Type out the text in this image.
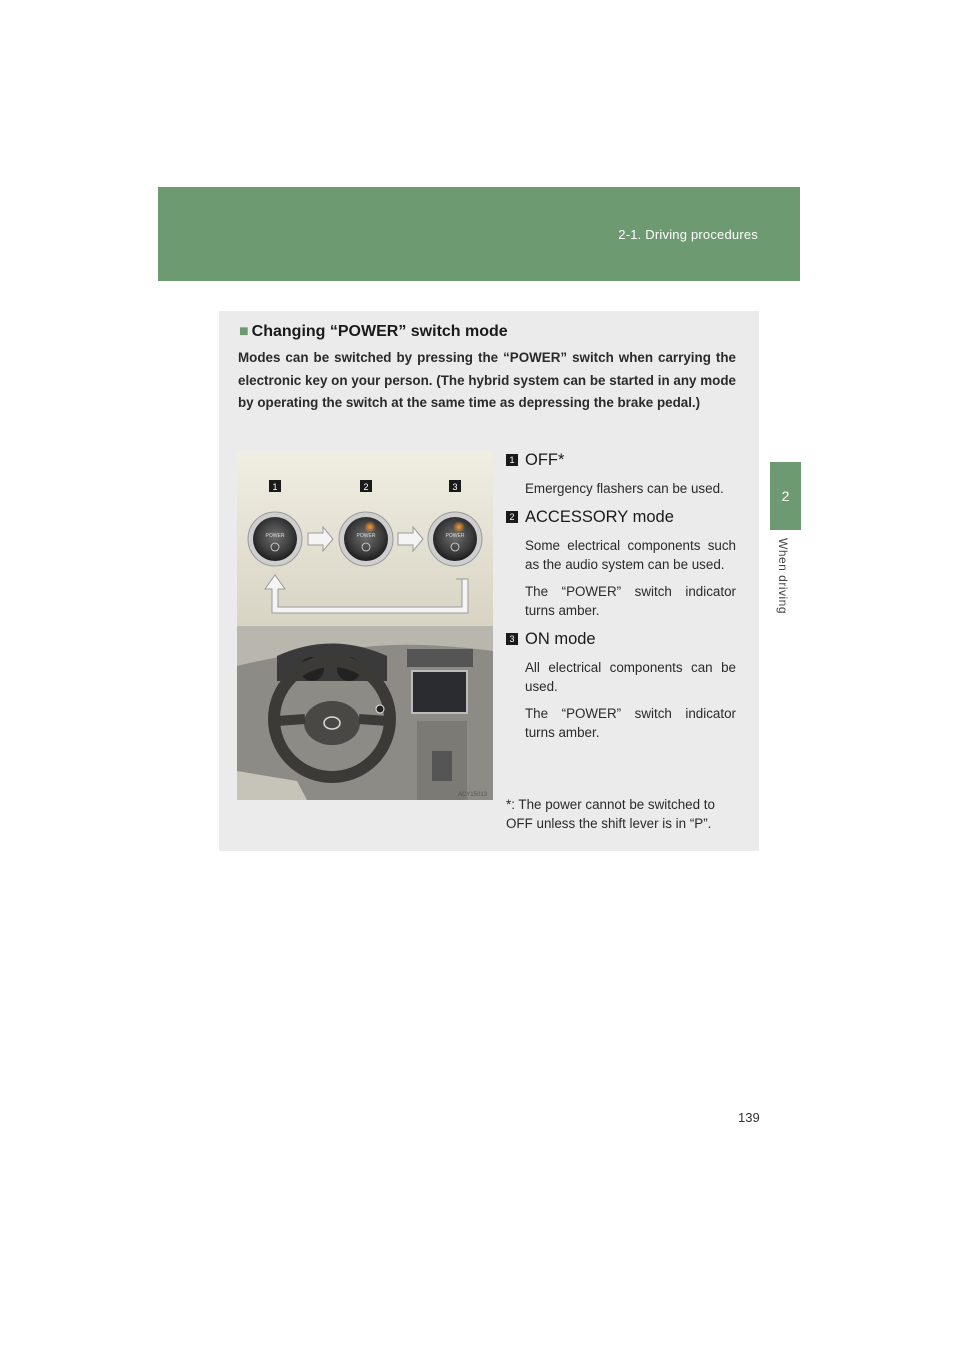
2-1. Driving procedures
2
When driving
■ Changing “POWER” switch mode
Modes can be switched by pressing the “POWER” switch when carrying the electronic key on your person. (The hybrid system can be started in any mode by operating the switch at the same time as depressing the brake pedal.)
1	2	3
POWER	POWER	POWER
ACY15013
1 OFF*

Emergency flashers can be used.

2 ACCESSORY mode

Some electrical components such as the audio system can be used.

The “POWER” switch indicator turns amber.

3 ON mode

All electrical components can be used.

The “POWER” switch indicator turns amber.

*: The power cannot be switched to OFF unless the shift lever is in “P”.
139
